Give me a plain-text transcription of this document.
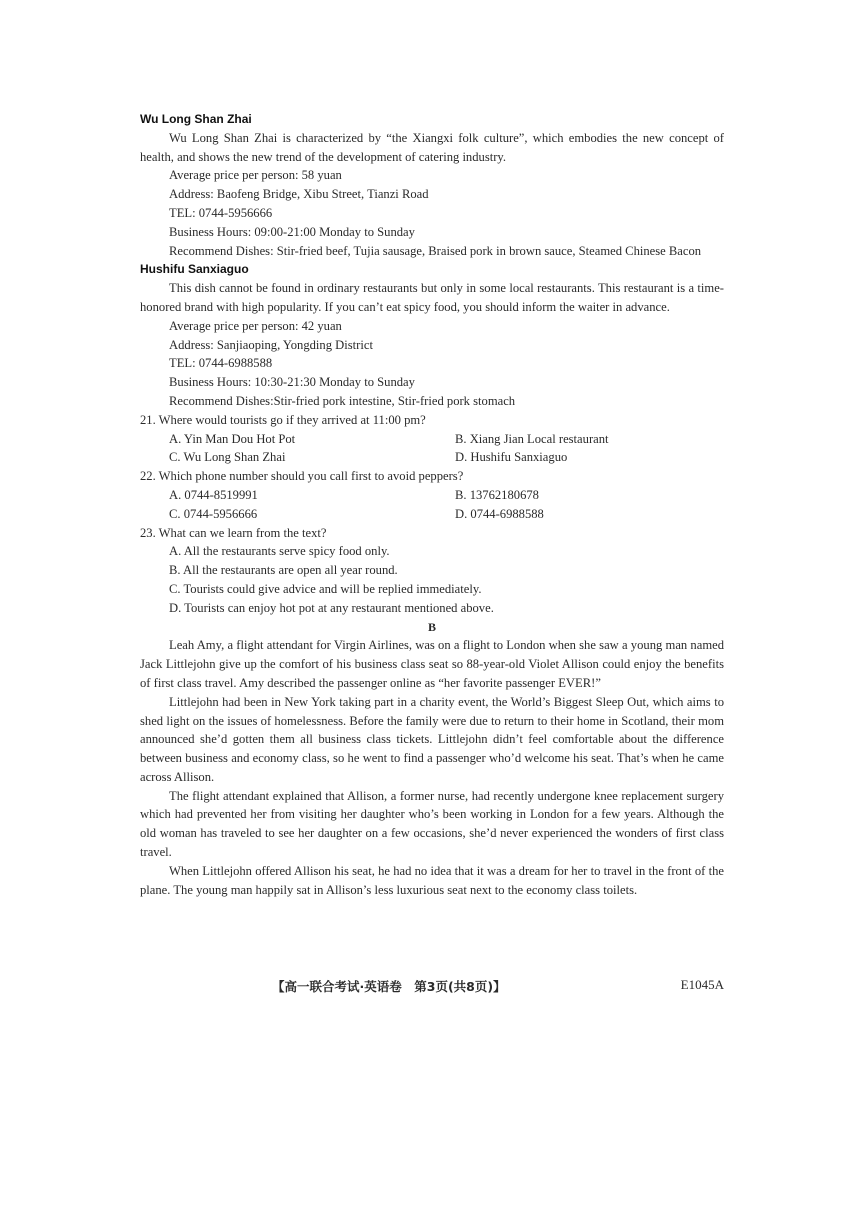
Wu Long Shan Zhai
Wu Long Shan Zhai is characterized by “the Xiangxi folk culture”, which embodies the new concept of health, and shows the new trend of the development of catering industry.
Average price per person: 58 yuan
Address: Baofeng Bridge, Xibu Street, Tianzi Road
TEL: 0744-5956666
Business Hours: 09:00-21:00 Monday to Sunday
Recommend Dishes: Stir-fried beef, Tujia sausage, Braised pork in brown sauce, Steamed Chinese Bacon
Hushifu Sanxiaguo
This dish cannot be found in ordinary restaurants but only in some local restaurants. This restaurant is a time-honored brand with high popularity. If you can’t eat spicy food, you should inform the waiter in advance.
Average price per person: 42 yuan
Address: Sanjiaoping, Yongding District
TEL: 0744-6988588
Business Hours: 10:30-21:30 Monday to Sunday
Recommend Dishes:Stir-fried pork intestine, Stir-fried pork stomach
21. Where would tourists go if they arrived at 11:00 pm?
A. Yin Man Dou Hot Pot	B. Xiang Jian Local restaurant
C. Wu Long Shan Zhai	D. Hushifu Sanxiaguo
22. Which phone number should you call first to avoid peppers?
A. 0744-8519991	B. 13762180678
C. 0744-5956666	D. 0744-6988588
23. What can we learn from the text?
A. All the restaurants serve spicy food only.
B. All the restaurants are open all year round.
C. Tourists could give advice and will be replied immediately.
D. Tourists can enjoy hot pot at any restaurant mentioned above.
B
Leah Amy, a flight attendant for Virgin Airlines, was on a flight to London when she saw a young man named Jack Littlejohn give up the comfort of his business class seat so 88-year-old Violet Allison could enjoy the benefits of first class travel. Amy described the passenger online as “her favorite passenger EVER!”
Littlejohn had been in New York taking part in a charity event, the World’s Biggest Sleep Out, which aims to shed light on the issues of homelessness. Before the family were due to return to their home in Scotland, their mom announced she’d gotten them all business class tickets. Littlejohn didn’t feel comfortable about the difference between business and economy class, so he went to find a passenger who’d welcome his seat. That’s when he came across Allison.
The flight attendant explained that Allison, a former nurse, had recently undergone knee replacement surgery which had prevented her from visiting her daughter who’s been working in London for a few years. Although the old woman has traveled to see her daughter on a few occasions, she’d never experienced the wonders of first class travel.
When Littlejohn offered Allison his seat, he had no idea that it was a dream for her to travel in the front of the plane. The young man happily sat in Allison’s less luxurious seat next to the economy class toilets.
【高一联合考试·英语卷　第3页(共8页)】	E1045A
